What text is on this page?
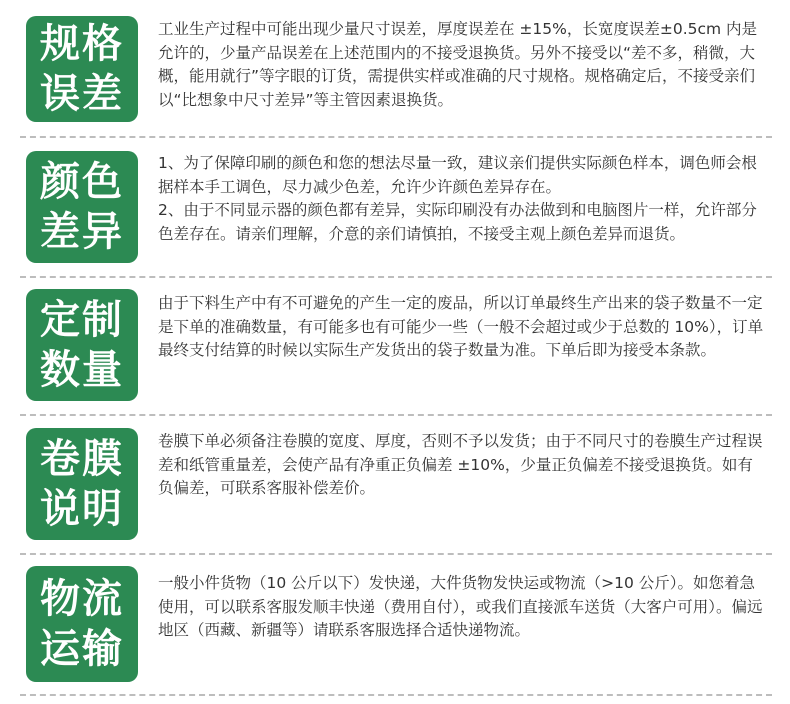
规格
误差
工业生产过程中可能出现少量尺寸误差，厚度误差在 ±15%，长宽度误差±0.5cm 内是允许的，少量产品误差在上述范围内的不接受退换货。另外不接受以“差不多，稍微，大概，能用就行”等字眼的订货，需提供实样或准确的尺寸规格。规格确定后，不接受亲们以“比想象中尺寸差异”等主管因素退换货。
颜色
差异
1、为了保障印刷的颜色和您的想法尽量一致，建议亲们提供实际颜色样本，调色师会根据样本手工调色，尽力减少色差，允许少许颜色差异存在。
2、由于不同显示器的颜色都有差异，实际印刷没有办法做到和电脑图片一样，允许部分色差存在。请亲们理解，介意的亲们请慎拍，不接受主观上颜色差异而退货。
定制
数量
由于下料生产中有不可避免的产生一定的废品，所以订单最终生产出来的袋子数量不一定是下单的准确数量，有可能多也有可能少一些（一般不会超过或少于总数的 10%），订单最终支付结算的时候以实际生产发货出的袋子数量为准。下单后即为接受本条款。
卷膜
说明
卷膜下单必须备注卷膜的宽度、厚度，否则不予以发货；由于不同尺寸的卷膜生产过程误差和纸管重量差，会使产品有净重正负偏差 ±10%，少量正负偏差不接受退换货。如有负偏差，可联系客服补偿差价。
物流
运输
一般小件货物（10 公斤以下）发快递，大件货物发快运或物流（>10 公斤）。如您着急使用，可以联系客服发顺丰快递（费用自付），或我们直接派车送货（大客户可用）。偏远地区（西藏、新疆等）请联系客服选择合适快递物流。
